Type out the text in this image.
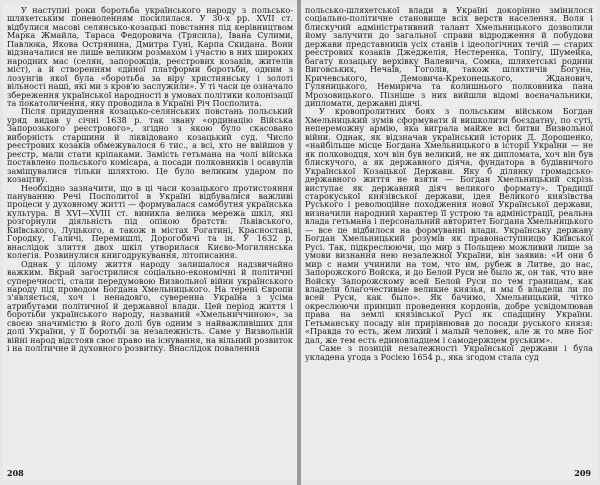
У наступні роки боротьба українського народу з польсько-шляхетським поневоленням посилилася. У 30-х рр. XVII ст. відбулися масові селянсько-козацькі повстання під керівництвом Марка Жмайла, Тараса Федоровича (Трясила), Івана Сулими, Павлюка, Якова Острянина, Дмитра Гуні, Карпа Скидана. Вони відзначалися не лише великим розмахом і участю в них широких народних мас (селян, запорожців, реєстрових козаків, жителів міст), а й створенням єдиної платформи боротьби, одним з лозунгів якої була «боротьба за віру християнську і золоті вільності наші, які ми з кров'ю заслужили». У ті часи це означало збереження української народності в умовах політики колонізації та покатоличення, яку проводила в Україні Річ Посполита.

Після придушення козацько-селянських повстань польський уряд видав у січні 1638 р. так звану «ординацію Війська Запорозького реєстрового», згідно з якою було скасовано виборність старшини й ліквідовано козацький суд. Число реєстрових козаків обмежувалося 6 тис., а всі, хто не ввійшов у реєстр, мали стати кріпаками. Замість гетьмана на чолі війська поставлено польського комісара, а посади полковників і осавулів заміщувалися тільки шляхтою. Це було великим ударом по козацтву.

Необхідно зазначити, що в ці часи козацького протистояння пануванню Речі Посполитої в Україні відбувалися важливі процеси у духовному житті — формувалася самобутня українська культура. В XVI—XVIII ст. виникла велика мережа шкіл, які розгорнули діяльність під опікою братств: Львівського, Київського, Луцького, а також в містах Рогатині, Красноставі, Городку, Галичі, Перемишлі, Дорогобичі та ін. У 1632 р. внаслідок злиття двох шкіл утворилася Києво-Могилянська колегія. Розвинулися книгодрукування, літописання.

Однак у цілому життя народу залишалося надзвичайно важким. Вкрай загострилися соціально-економічні й політичні суперечності, стали передумовою Визвольної війни українського народу під проводом Богдана Хмельницького. На терені Європи з'являється, хоч і ненадовго, суверенна Україна з усіма атрибутами політичної й державної влади. Цей період життя і боротьби українського народу, названий «Хмельниччиною», за своєю значимістю в його долі був одним з найважливіших для долі України, у її боротьбі за незалежність. Саме у Визвольній війні народ відстояв своє право на існування, на вільний розвиток і на політичне й духовного розвитку. Внаслідок повалення

208

польсько-шляхетської влади в Україні докорінно змінилося соціально-політичне становище всіх верств населення. Воля і блискучий адміністративний талант Хмельницького дозволили йому залучити до загальної справи відродження й побудови держави представників усіх станів і ідеологічних течій — старих реєстрових козаків Джеджелія, Нестеренка, Топігу, Шумейка, багату козацьку верхівку Валевича, Сомка, шляхетські родини Виговських, Нечаїв, Гоголів, також шляхтичів Богуна, Кричевського, Демовича-Крехонецького, Жданович, Гуляницького, Немирича та колишнього полковника пана Мрозовицького. Пізніше з них вийшли відомі воєначальники, дипломати, державні діячі.

У кровопролитних боях з польським військом Богдан Хмельницький зумів сформувати й вишколити боєздатну, по суті, непереможну армію, яка виграла майже всі битви Визвольної війни. Однак, як відзначав український історик Д. Дорошенко, «найбільше місце Богдана Хмельницького в історії України — не як полководця, хоч він був великий, не як дипломата, хоч він був блискучого, а як державного діяча, фундатора в будівничого Української Козацької Держави. Яку б ділянку громадсько-державного життя не взяти — Богдан Хмельницький скрізь виступає як державний діяч великого формату». Традиції старокуської князівської держави, ідея Великого князівства Руського і революційне походження нової Української держави, визначили народний характер її устрою та адміністрації, реальна влада гетьмана і персональний авторитет Богдана Хмельницького — все це відбилося на формуванні влади. Українську державу Богдан Хмельницький розумів як правонаступницю Київської Русі. Так, підкреслюючи, що мир з Польщею можливий лише за умови визнання нею незалежної України, він заявив: «И они б мир с нами учинили на том, что им, рубеж в Литве, до нас, Запорожского Войска, и до Белой Руси не было ж, он так, что вне Войску Запорожскому всей Белой Руси по тем границам, как владели благочестивые великие князья, и мы б владели ли по всей Руси, как было». Як бачимо, Хмельницький, чітко окреслюючи принцип проведення кордонів, добре усвідомлював права на землі князівської Русі як спадщину України. Гетьманську посаду він прирівнював до посади руського князя: «Правда то есть, жем лихий і малый человек, але ж то мне Бог дал, же тем есть единовладцем і самодержцем руським».

Саме з позицій незалежності Української держави і була укладена угода з Росією 1654 р., яка згодом стала суд

209
